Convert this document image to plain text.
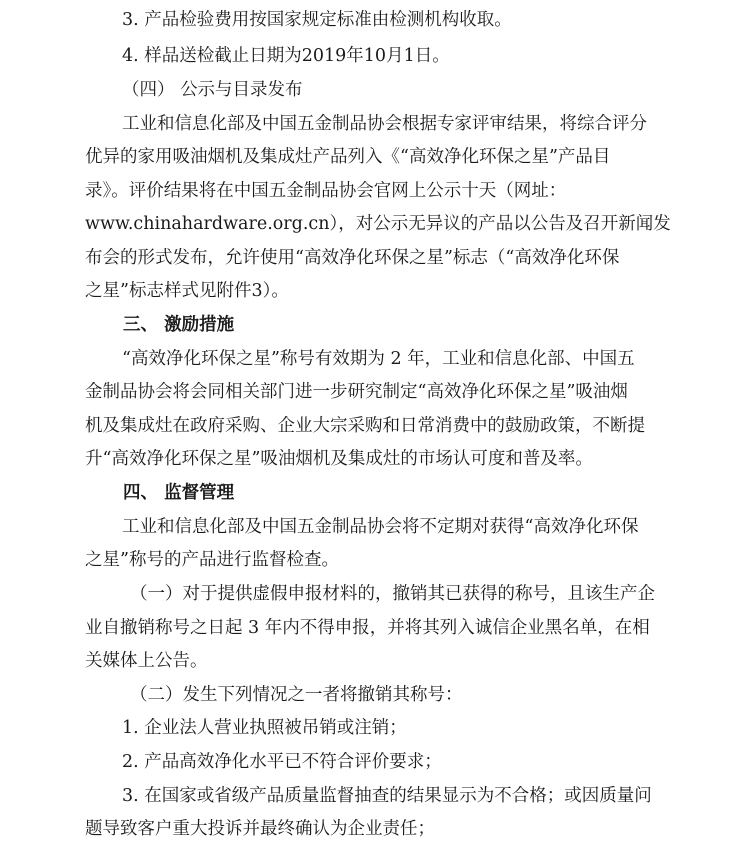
3. 产品检验费用按国家规定标准由检测机构收取。
4. 样品送检截止日期为2019年10月1日。
（四） 公示与目录发布
工业和信息化部及中国五金制品协会根据专家评审结果，将综合评分
优异的家用吸油烟机及集成灶产品列入《“高效净化环保之星”产品目
录》。评价结果将在中国五金制品协会官网上公示十天（网址：
www.chinahardware.org.cn），对公示无异议的产品以公告及召开新闻发
布会的形式发布，允许使用“高效净化环保之星”标志（“高效净化环保
之星”标志样式见附件3）。
三、 激励措施
“高效净化环保之星”称号有效期为 2 年，工业和信息化部、中国五
金制品协会将会同相关部门进一步研究制定“高效净化环保之星”吸油烟
机及集成灶在政府采购、企业大宗采购和日常消费中的鼓励政策，不断提
升“高效净化环保之星”吸油烟机及集成灶的市场认可度和普及率。
四、 监督管理
工业和信息化部及中国五金制品协会将不定期对获得“高效净化环保
之星”称号的产品进行监督检查。
（一）对于提供虚假申报材料的，撤销其已获得的称号，且该生产企
业自撤销称号之日起 3 年内不得申报，并将其列入诚信企业黑名单，在相
关媒体上公告。
（二）发生下列情况之一者将撤销其称号：
1. 企业法人营业执照被吊销或注销；
2. 产品高效净化水平已不符合评价要求；
3. 在国家或省级产品质量监督抽查的结果显示为不合格；或因质量问
题导致客户重大投诉并最终确认为企业责任；
